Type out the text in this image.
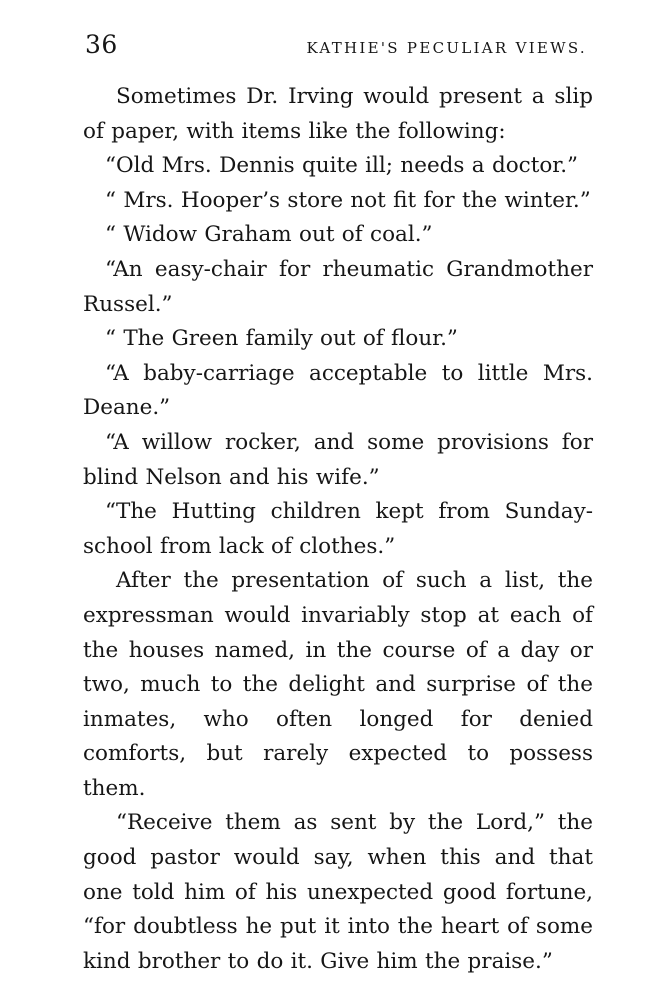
36	KATHIE'S PECULIAR VIEWS.

Sometimes Dr. Irving would present a slip of paper, with items like the following:

“Old Mrs. Dennis quite ill; needs a doctor.”

“ Mrs. Hooper’s store not fit for the winter.”

“ Widow Graham out of coal.”

“An easy-chair for rheumatic Grandmother Russel.”

“ The Green family out of flour.”

“A baby-carriage acceptable to little Mrs. Deane.”

“A willow rocker, and some provisions for blind Nelson and his wife.”

“The Hutting children kept from Sunday-school from lack of clothes.”

After the presentation of such a list, the expressman would invariably stop at each of the houses named, in the course of a day or two, much to the delight and surprise of the inmates, who often longed for denied comforts, but rarely expected to possess them.

“Receive them as sent by the Lord,” the good pastor would say, when this and that one told him of his unexpected good fortune, “for doubtless he put it into the heart of some kind brother to do it. Give him the praise.”
